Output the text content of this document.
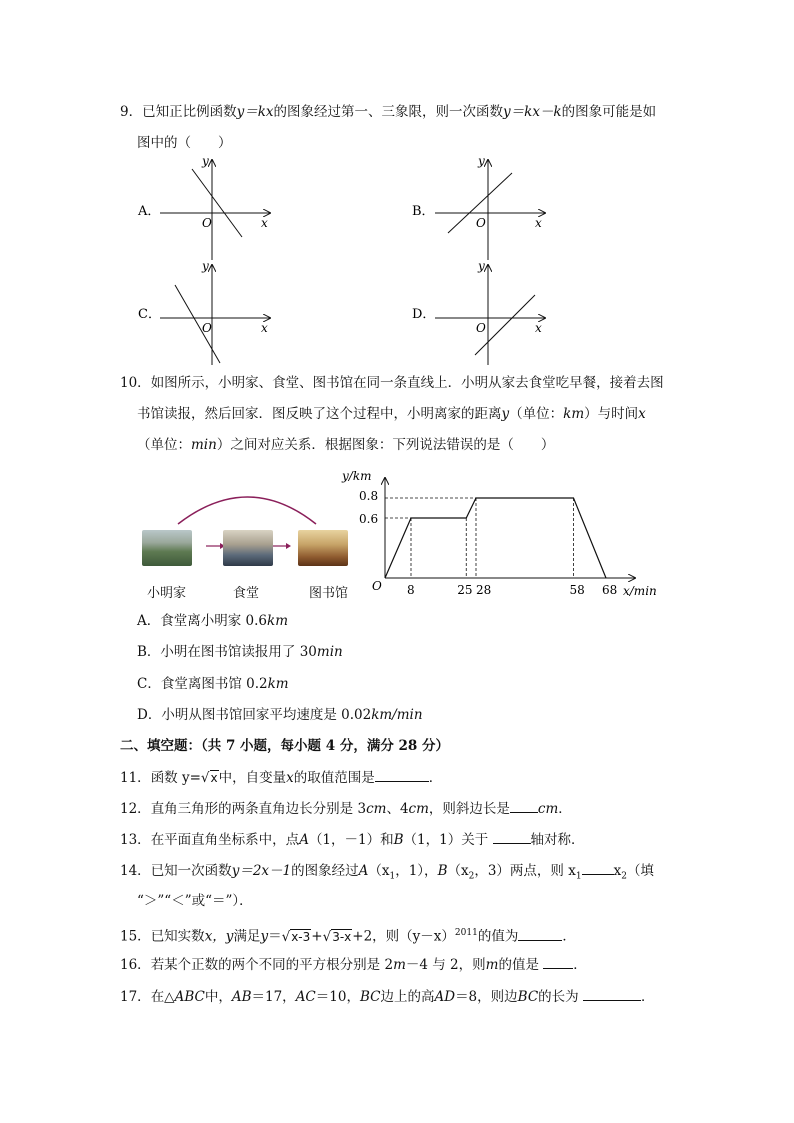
9．已知正比例函数y＝kx的图象经过第一、三象限，则一次函数y＝kx－k的图象可能是如
图中的（　　）
A．
O	x
y
B．
O	x
y
C．
O	x
y
D．
O	x
y
10．如图所示，小明家、食堂、图书馆在同一条直线上．小明从家去食堂吃早餐，接着去图
书馆读报，然后回家．图反映了这个过程中，小明离家的距离y（单位：km）与时间x
（单位：min）之间对应关系．根据图象：下列说法错误的是（　　）
小明家	食堂	图书馆
y/km
x/min
O
0.6
0.8
8	25 28	58 68
A．食堂离小明家 0.6km
B．小明在图书馆读报用了 30min
C．食堂离图书馆 0.2km
D．小明从图书馆回家平均速度是 0.02km/min
二、填空题：（共 7 小题，每小题 4 分，满分 28 分）
11．函数 y=√x中，自变量x的取值范围是	．
12．直角三角形的两条直角边长分别是 3cm、4cm，则斜边长是 cm．
13．在平面直角坐标系中，点A（1，－1）和B（1，1）关于	轴对称．
14．已知一次函数y＝2x－1的图象经过$A(x_1$，1），$B(x_2$，3）两点，则 $x_1$ $x_2$（填
“＞”“＜”或“＝”）．
15．已知实数x，y满足y＝√x-3+√3-x+2，则$(y-x)^{2011}$的值为	．
16．若某个正数的两个不同的平方根分别是 2m－4 与 2，则m的值是	．
17．在△ABC中，AB＝17，AC＝10，BC边上的高AD＝8，则边BC的长为	．
